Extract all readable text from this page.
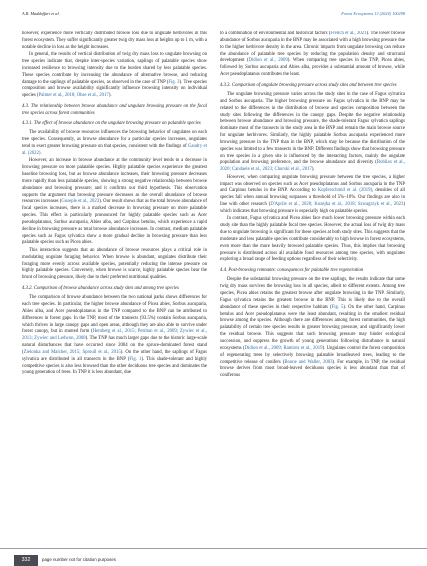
A.R. Maddaffari et al.	Forest Ecosystems 13 (2024) 100298

however, experience more vertically distributed browse loss due to ungulate herbivores in this forest ecosystem. They suffer significantly greater twig dry mass loss at heights up to 1 m, with a notable decline in loss as the height increases.

In general, the results of vertical distribution of twig dry mass loss to ungulate browsing on tree species indicate that, despite inter-species variation, saplings of palatable species show increased resilience to browsing intensity due to the burden shared by less palatable species. These species contribute by increasing the abundance of alternative browse, and reducing damage to the saplings of palatable species, as observed in the case of TNP (Fig. 3). Tree species composition and browse availability significantly influence browsing intensity on individual species (Palmer et al., 2018; Ohse et al., 2017).

4.3. The relationship between browse abundance and ungulate browsing pressure on the focal tree species across forest communities
4.3.1. The effect of browse abundance on the ungulate browsing pressure on palatable species

The availability of browse resources influences the browsing behavior of ungulates on each tree species. Consequently, as browse abundance for a particular species increases, ungulates tend to exert greater browsing pressure on that species, consistent with the findings of Gaudry et al. (2022).

However, an increase in browse abundance at the community level tends to a decrease in browsing pressure on more palatable species. Highly palatable species experience the greatest baseline browsing loss, but as browse abundance increases, their browsing pressure decreases more rapidly than less palatable species, showing a strong negative relationship between browse abundance and browsing pressure; and it confirms our third hypothesis. This observation supports the argument that browsing pressure decreases as the overall abundance of browse resources increases (Guseple et al., 2023). Our result shows that as the total browse abundance of focal species increases, there is a marked decrease in browsing pressure on more palatable species. This effect is particularly pronounced for highly palatable species such as Acer pseudoplatanus, Sorbus aucuparia, Abies alba, and Carpinus betulus, which experience a rapid decline in browsing pressure as total browse abundance increases. In contrast, medium palatable species such as Fagus sylvatica show a more gradual decline in browsing pressure than less palatable species such as Picea abies.

This interaction suggests that an abundance of browse resources plays a critical role in modulating ungulate foraging behavior. When browse is abundant, ungulates distribute their foraging more evenly across available species, potentially reducing the intense pressure on highly palatable species. Conversely, when browse is scarce, highly palatable species bear the brunt of browsing pressure, likely due to their preferred nutritional qualities.

4.3.2. Comparison of browse abundance across study sites and among tree species

The comparison of browse abundance between the two national parks shows differences for each tree species. In particular, the higher browse abundance of Picea abies, Sorbus aucuparia, Abies alba, and Acer pseudoplatanus in the TNP compared to the BNP can be attributed to differences in forest gaps. In the TNP, most of the transects (93.5%) contain Sorbus aucuparia, which thrives in large canopy gaps and open areas, although they are also able to survive under forest canopy, but in stunted form (Hemberg et al., 2015; Petritan et al., 2009; Zywiec et al., 2013; Zywiec and Ledwon, 2008). The TNP has much larger gaps due to the historic large-scale natural disturbances that have occurred since 2004 on the spruce-dominated forest stand (Zielonka and Malcher, 2015; Sproull et al., 2015). On the other hand, the saplings of Fagus sylvatica are distributed in all transects in the BNP (Fig. 1). This shade-tolerant and highly competitive species is also less browsed than the other deciduous tree species and dominates the young generation of trees. In TNP it is less abundant, due

to a combination of environmental and historical factors (Frelich et al., 2021). The lower browse abundance of Sorbus aucuparia in the BNP may be associated with a high browsing pressure due to the higher herbivore density in the area. Chronic impacts from ungulate browsing can reduce the abundance of palatable tree species by reducing the population density and structural development (Didion et al., 2009). When comparing tree species in the TNP, Picea abies, followed by Sorbus aucuparia and Abies alba, provides a substantial amount of browse, while Acer pseudoplatanus contributes the least.

4.3.3. Comparison of ungulate browsing pressure across study sites and between tree species

The ungulate browsing pressure varies across the study sites in the case of Fagus sylvatica and Sorbus aucuparia. The higher browsing pressure on Fagus sylvatica in the BNP may be related to the differences in the distribution of browse and species composition between the study sites following the differences in the canopy gaps. Despite the negative relationship between browse abundance and browsing pressure, the shade-tolerant Fagus sylvatica saplings dominate most of the transects in the study area in the BNP and remain the main browse source for ungulate herbivores. Similarly, the highly palatable Sorbus aucuparia experienced more browsing pressure in the TNP than in the BNP, which may be because the distribution of the species was limited to a few transects in the BNP. Different findings show that browsing pressure on tree species in a given site is influenced by the interacting factors, mainly the ungulate population and browsing preference, and the browse abundance and diversity (Bobilax et al., 2020; Candaele et al., 2023; Churski et al., 2017).

However, when comparing ungulate browsing pressure between the tree species, a higher impact was observed on species such as Acer pseudoplatanus and Sorbus aucuparia in the TNP and Carpinus betulus in the BNP. According to Kupferschmid et al. (2019), densities of all species fall when annual browsing surpasses a threshold of 5%–10%. Our findings are also in line with other research (D'Aprile et al., 2020; Kozejka et al., 2018; Szwagrzyk et al., 2023) which indicates that browsing pressure is especially high on palatable species.

In contrast, Fagus sylvatica and Picea abies face much lower browsing pressure within each study site than the highly palatable focal tree species. However, the actual loss of twig dry mass due to ungulate browsing is significant for these species at both study sites. This suggests that the moderate and less palatable species contribute considerably to high browse in forest ecosystems, even more than the more heavily browsed palatable species. Thus, this implies that browsing pressure is distributed across all available food resources among tree species, with ungulates exploring a broad range of feeding options regardless of their selectivity.

4.4. Post-browsing remnants: consequences for palatable tree regeneration

Despite the substantial browsing pressure on the tree saplings, the results indicate that some twig dry mass survives the browsing loss in all species, albeit to different extents. Among tree species, Picea abies retains the greatest browse after ungulate browsing in the TNP. Similarly, Fagus sylvatica retains the greatest browse in the BNP. This is likely due to the overall abundance of these species in their respective habitats (Fig. 5). On the other hand, Carpinus betulus and Acer pseudoplatanus were the least abundant, resulting in the smallest residual browse among the species. Although there are differences among forest communities, the high palatability of certain tree species results in greater browsing pressure, and significantly lower the residual browse. This suggests that such browsing pressure may hinder ecological succession, and suppress the growth of young generations following disturbance in natural ecosystems (Didion et al., 2009; Ramirez et al., 2019). Ungulates control the forest composition of regenerating trees by selectively browsing palatable broadleaved trees, leading to the competitive release of conifers (Boone and Waller, 2003). For example, in TNP, the residual browse derives from most broad-leaved deciduous species is less abundant than that of coniferous

332	page number not for citation purposes
